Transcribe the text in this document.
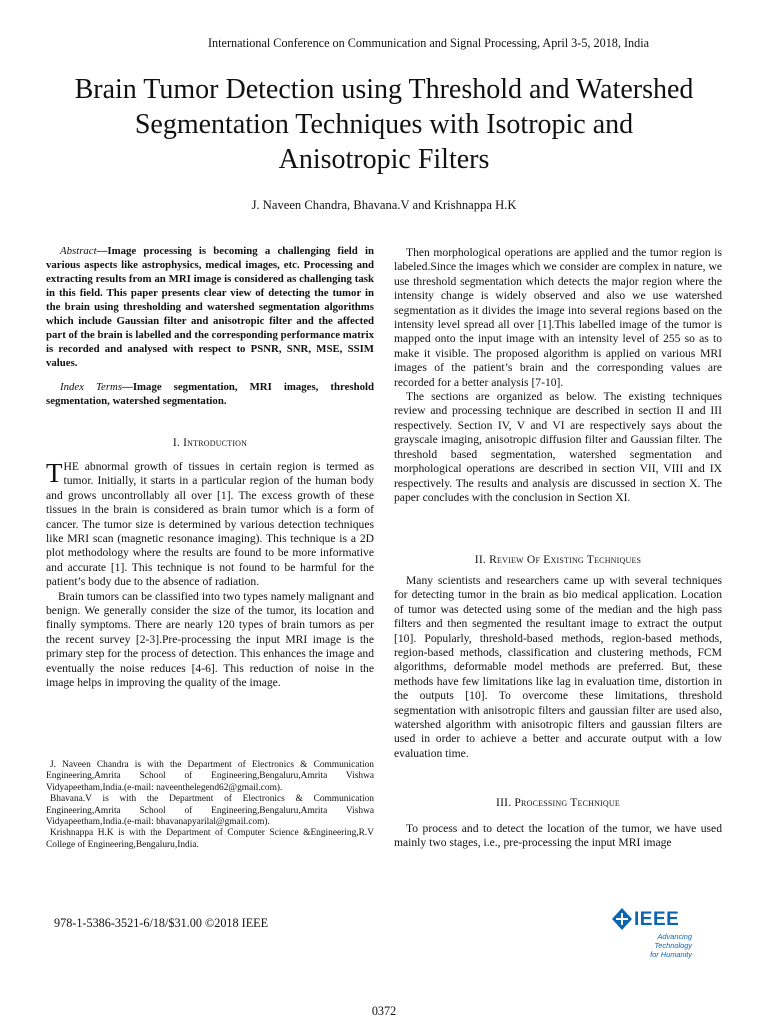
International Conference on Communication and Signal Processing, April 3-5, 2018, India
Brain Tumor Detection using Threshold and Watershed
Segmentation Techniques with Isotropic and
Anisotropic Filters
J. Naveen Chandra, Bhavana.V and Krishnappa H.K
Abstract—Image processing is becoming a challenging field in various aspects like astrophysics, medical images, etc. Processing and extracting results from an MRI image is considered as challenging task in this field. This paper presents clear view of detecting the tumor in the brain using thresholding and watershed segmentation algorithms which include Gaussian filter and anisotropic filter and the affected part of the brain is labelled and the corresponding performance matrix is recorded and analysed with respect to PSNR, SNR, MSE, SSIM values.
Index Terms—Image segmentation, MRI images, threshold segmentation, watershed segmentation.
I. Introduction

THE abnormal growth of tissues in certain region is termed as tumor. Initially, it starts in a particular region of the human body and grows uncontrollably all over [1]. The excess growth of these tissues in the brain is considered as brain tumor which is a form of cancer. The tumor size is determined by various detection techniques like MRI scan (magnetic resonance imaging). This technique is a 2D plot methodology where the results are found to be more informative and accurate [1]. This technique is not found to be harmful for the patient’s body due to the absence of radiation.

Brain tumors can be classified into two types namely malignant and benign. We generally consider the size of the tumor, its location and finally symptoms. There are nearly 120 types of brain tumors as per the recent survey [2-3].Pre-processing the input MRI image is the primary step for the process of detection. This enhances the image and eventually the noise reduces [4-6]. This reduction of noise in the image helps in improving the quality of the image.

J. Naveen Chandra is with the Department of Electronics & Communication Engineering,Amrita School of Engineering,Bengaluru,Amrita Vishwa Vidyapeetham,India.(e-mail: naveenthelegend62@gmail.com).

Bhavana.V is with the Department of Electronics & Communication Engineering,Amrita School of Engineering,Bengaluru,Amrita Vishwa Vidyapeetham,India.(e-mail: bhavanapyarilal@gmail.com).

Krishnappa H.K is with the Department of Computer Science &Engineering,R.V College of Engineering,Bengaluru,India.

Then morphological operations are applied and the tumor region is labeled.Since the images which we consider are complex in nature, we use threshold segmentation which detects the major region where the intensity change is widely observed and also we use watershed segmentation as it divides the image into several regions based on the intensity level spread all over [1].This labelled image of the tumor is mapped onto the input image with an intensity level of 255 so as to make it visible. The proposed algorithm is applied on various MRI images of the patient’s brain and the corresponding values are recorded for a better analysis [7-10].

The sections are organized as below. The existing techniques review and processing technique are described in section II and III respectively. Section IV, V and VI are respectively says about the grayscale imaging, anisotropic diffusion filter and Gaussian filter. The threshold based segmentation, watershed segmentation and morphological operations are described in section VII, VIII and IX respectively. The results and analysis are discussed in section X. The paper concludes with the conclusion in Section XI.

II. Review Of Existing Techniques

Many scientists and researchers came up with several techniques for detecting tumor in the brain as bio medical application. Location of tumor was detected using some of the median and the high pass filters and then segmented the resultant image to extract the output [10]. Popularly, threshold-based methods, region-based methods, region-based methods, classification and clustering methods, FCM algorithms, deformable model methods are preferred. But, these methods have few limitations like lag in evaluation time, distortion in the outputs [10]. To overcome these limitations, threshold segmentation with anisotropic filters and gaussian filter are used also, watershed algorithm with anisotropic filters and gaussian filters are used in order to achieve a better and accurate output with a low evaluation time.

III. Processing Technique

To process and to detect the location of the tumor, we have used mainly two stages, i.e., pre-processing the input MRI image

978-1-5386-3521-6/18/$31.00 ©2018 IEEE	IEEE
Advancing Technology
for Humanity
0372
